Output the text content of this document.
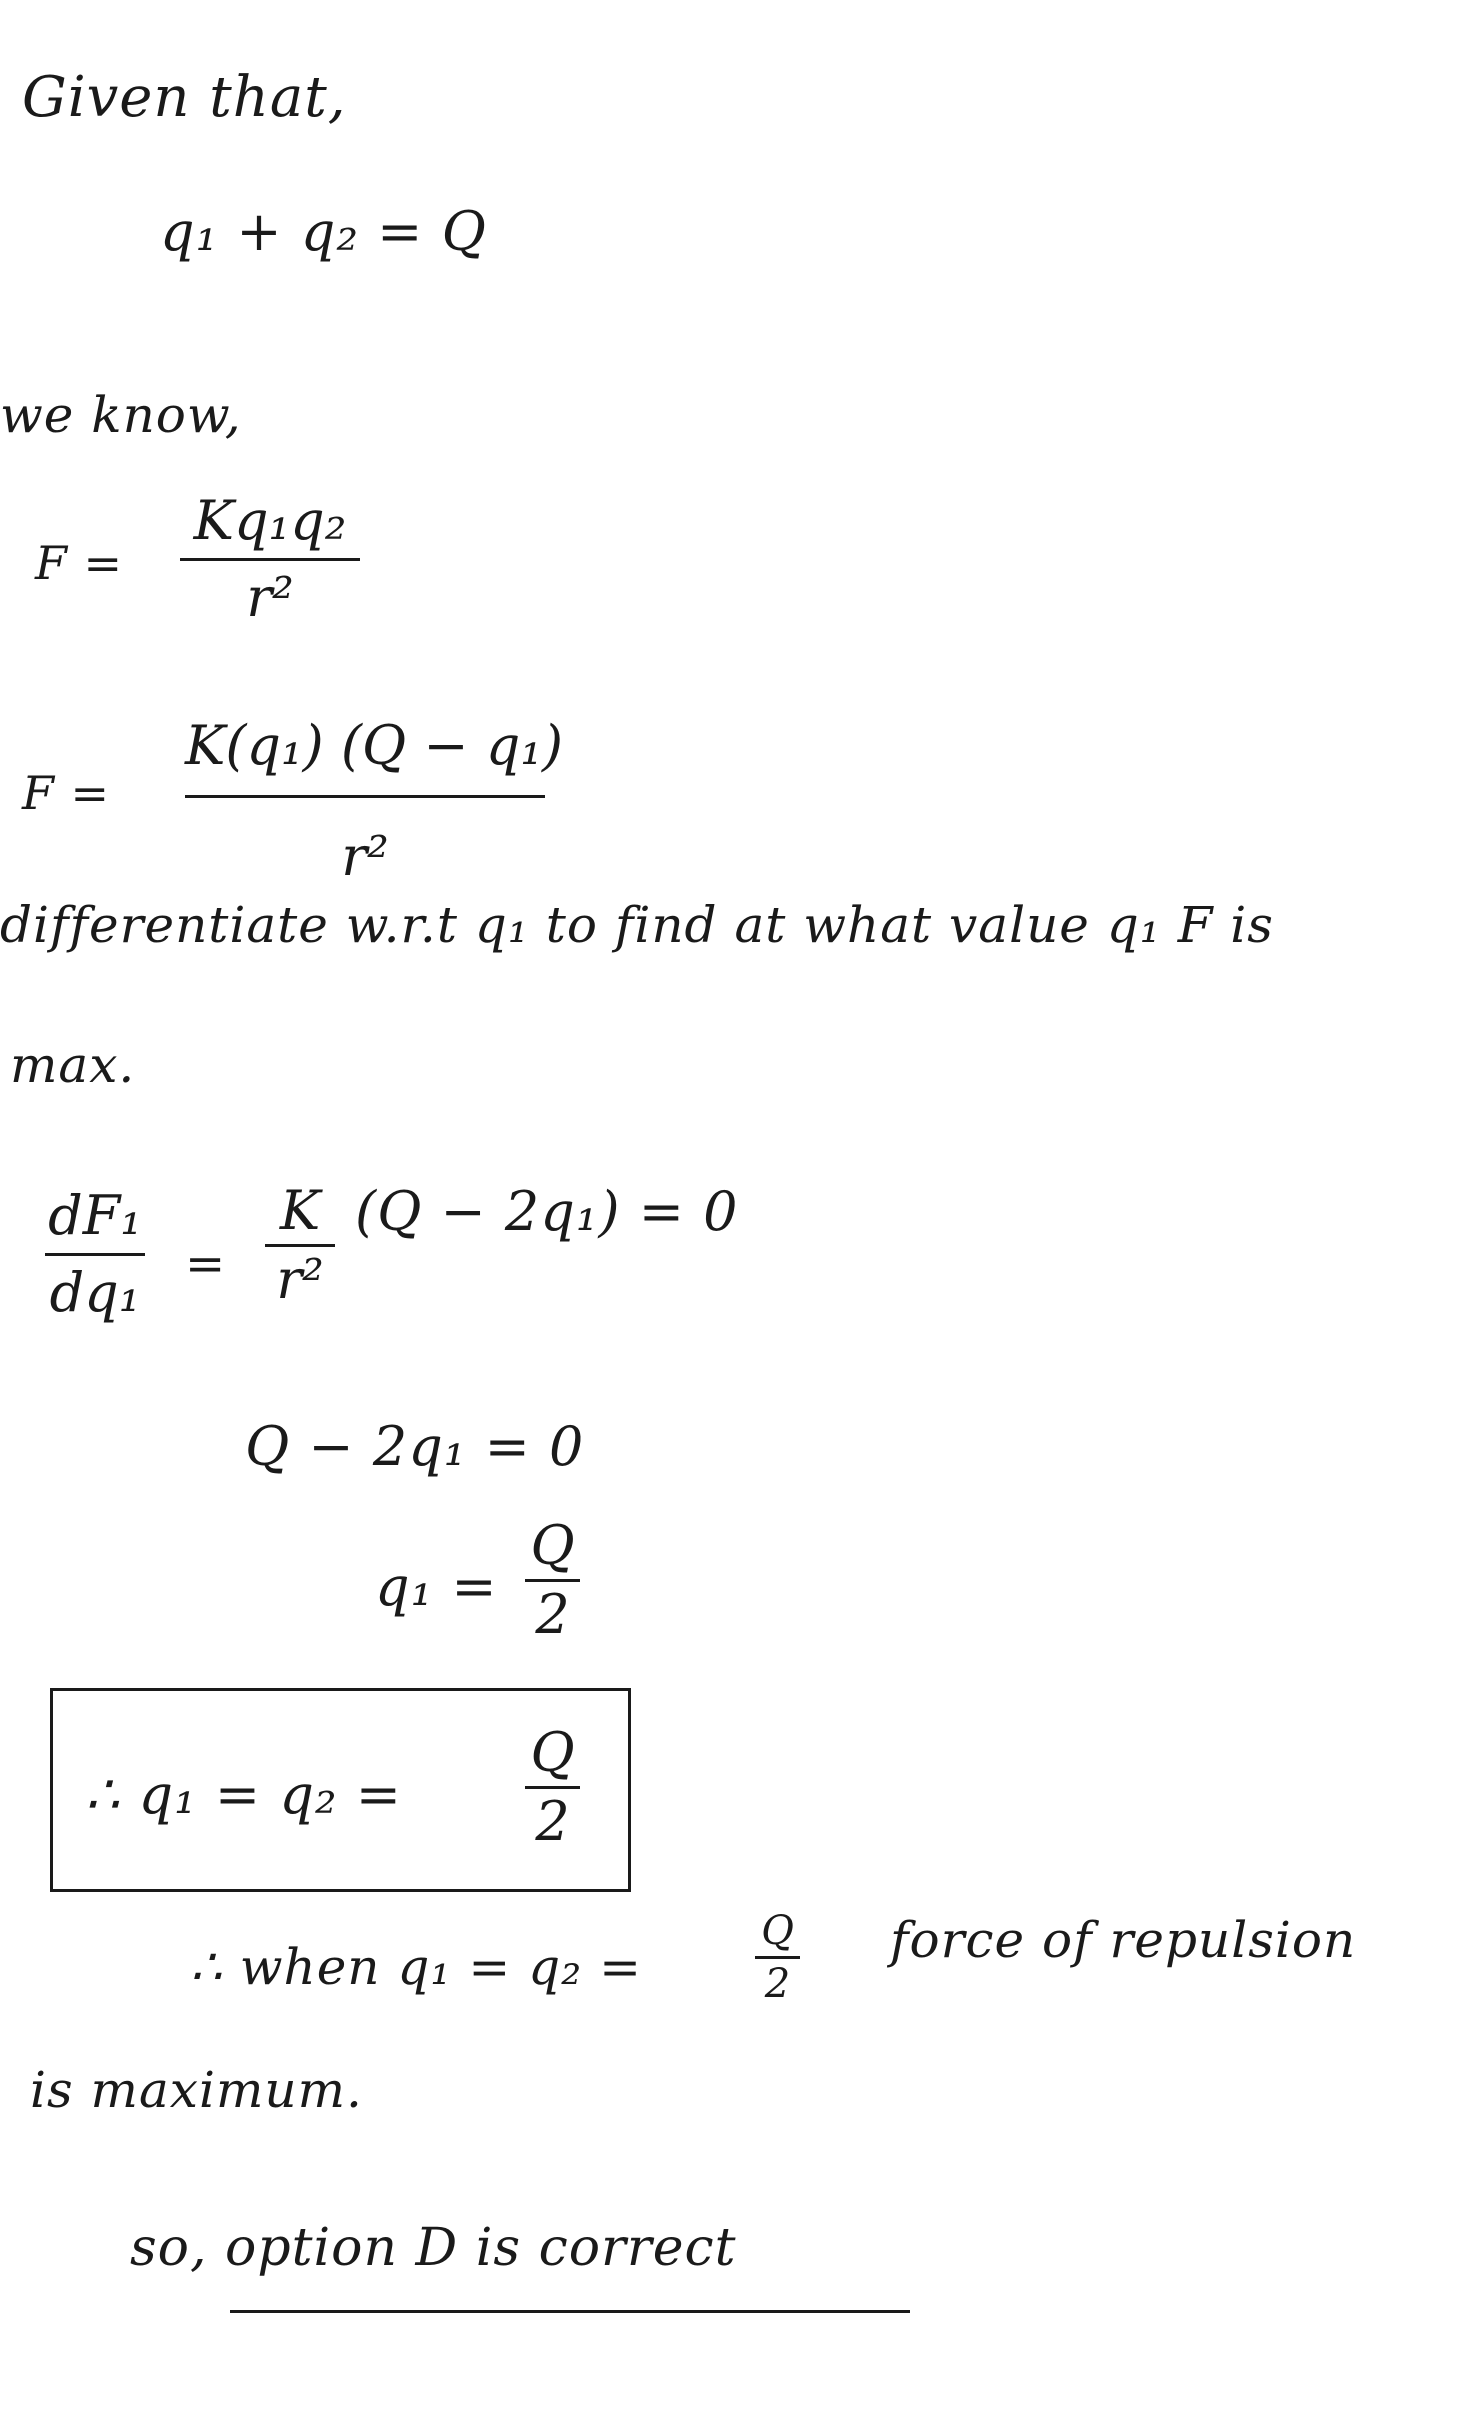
Given that,
q₁ + q₂ = Q
we know,
F =
Kq₁q₂
r²
F =
K(q₁) (Q − q₁)
r²
differentiate w.r.t q₁ to find at what value q₁ F is
max.
dF₁
dq₁ =
K
r²
(Q − 2q₁) = 0
Q − 2q₁ = 0
q₁ =
Q
2
∴ q₁ = q₂ =
Q
2
∴ when q₁ = q₂ =
Q
2
force of repulsion
is maximum.
so, option D is correct
